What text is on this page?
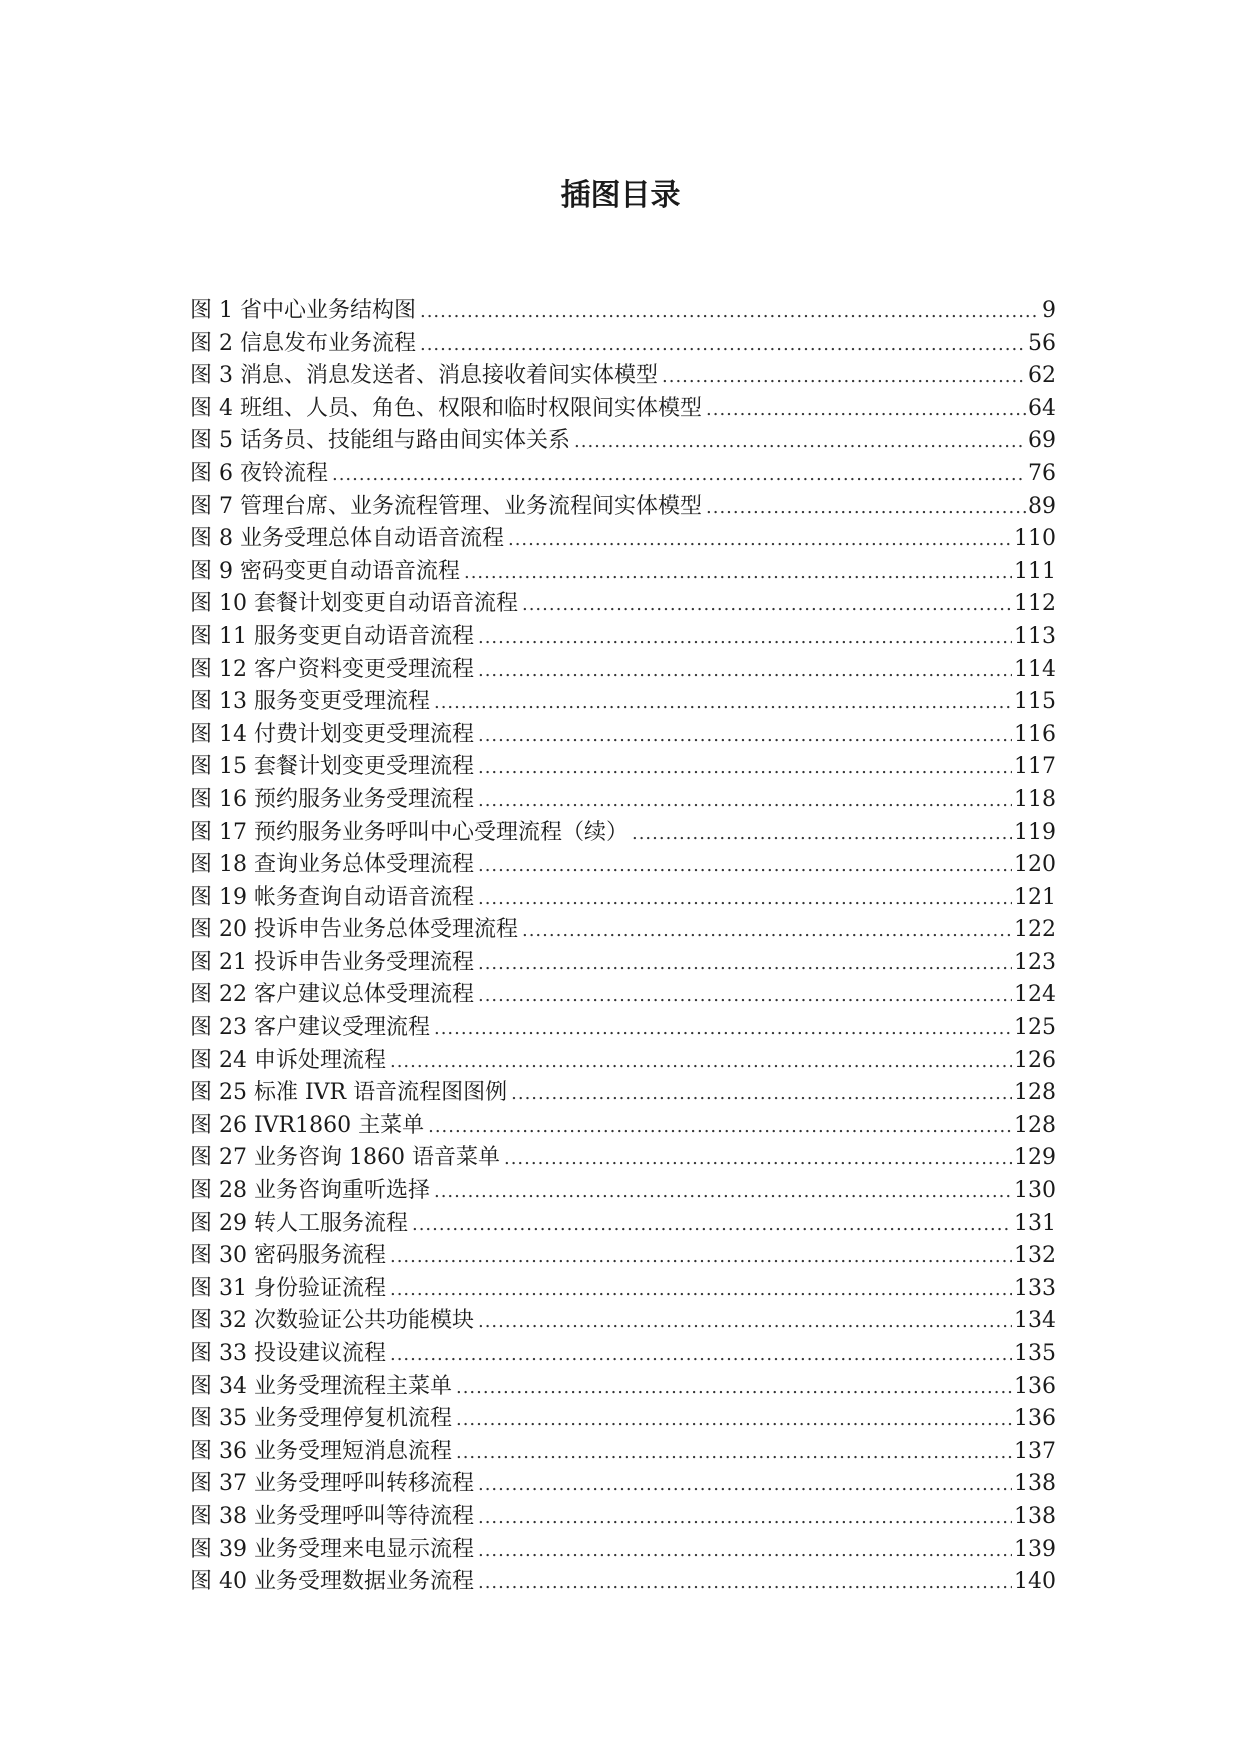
插图目录
图 1 省中心业务结构图 .....	9
图 2 信息发布业务流程 .....	56
图 3 消息、消息发送者、消息接收着间实体模型 .....	62
图 4 班组、人员、角色、权限和临时权限间实体模型 .....	64
图 5 话务员、技能组与路由间实体关系 .....	69
图 6 夜铃流程 .....	76
图 7 管理台席、业务流程管理、业务流程间实体模型 .....	89
图 8 业务受理总体自动语音流程 .....	110
图 9 密码变更自动语音流程 .....	111
图 10 套餐计划变更自动语音流程 .....	112
图 11 服务变更自动语音流程 .....	113
图 12 客户资料变更受理流程 .....	114
图 13 服务变更受理流程 .....	115
图 14 付费计划变更受理流程 .....	116
图 15 套餐计划变更受理流程 .....	117
图 16 预约服务业务受理流程 .....	118
图 17 预约服务业务呼叫中心受理流程（续） .....	119
图 18 查询业务总体受理流程 .....	120
图 19 帐务查询自动语音流程 .....	121
图 20 投诉申告业务总体受理流程 .....	122
图 21 投诉申告业务受理流程 .....	123
图 22 客户建议总体受理流程 .....	124
图 23 客户建议受理流程 .....	125
图 24 申诉处理流程 .....	126
图 25 标准 IVR 语音流程图图例 .....	128
图 26 IVR1860 主菜单 .....	128
图 27 业务咨询 1860 语音菜单 .....	129
图 28 业务咨询重听选择 .....	130
图 29 转人工服务流程 .....	131
图 30 密码服务流程 .....	132
图 31 身份验证流程 .....	133
图 32 次数验证公共功能模块 .....	134
图 33 投设建议流程 .....	135
图 34 业务受理流程主菜单 .....	136
图 35 业务受理停复机流程 .....	136
图 36 业务受理短消息流程 .....	137
图 37 业务受理呼叫转移流程 .....	138
图 38 业务受理呼叫等待流程 .....	138
图 39 业务受理来电显示流程 .....	139
图 40 业务受理数据业务流程 .....	140
